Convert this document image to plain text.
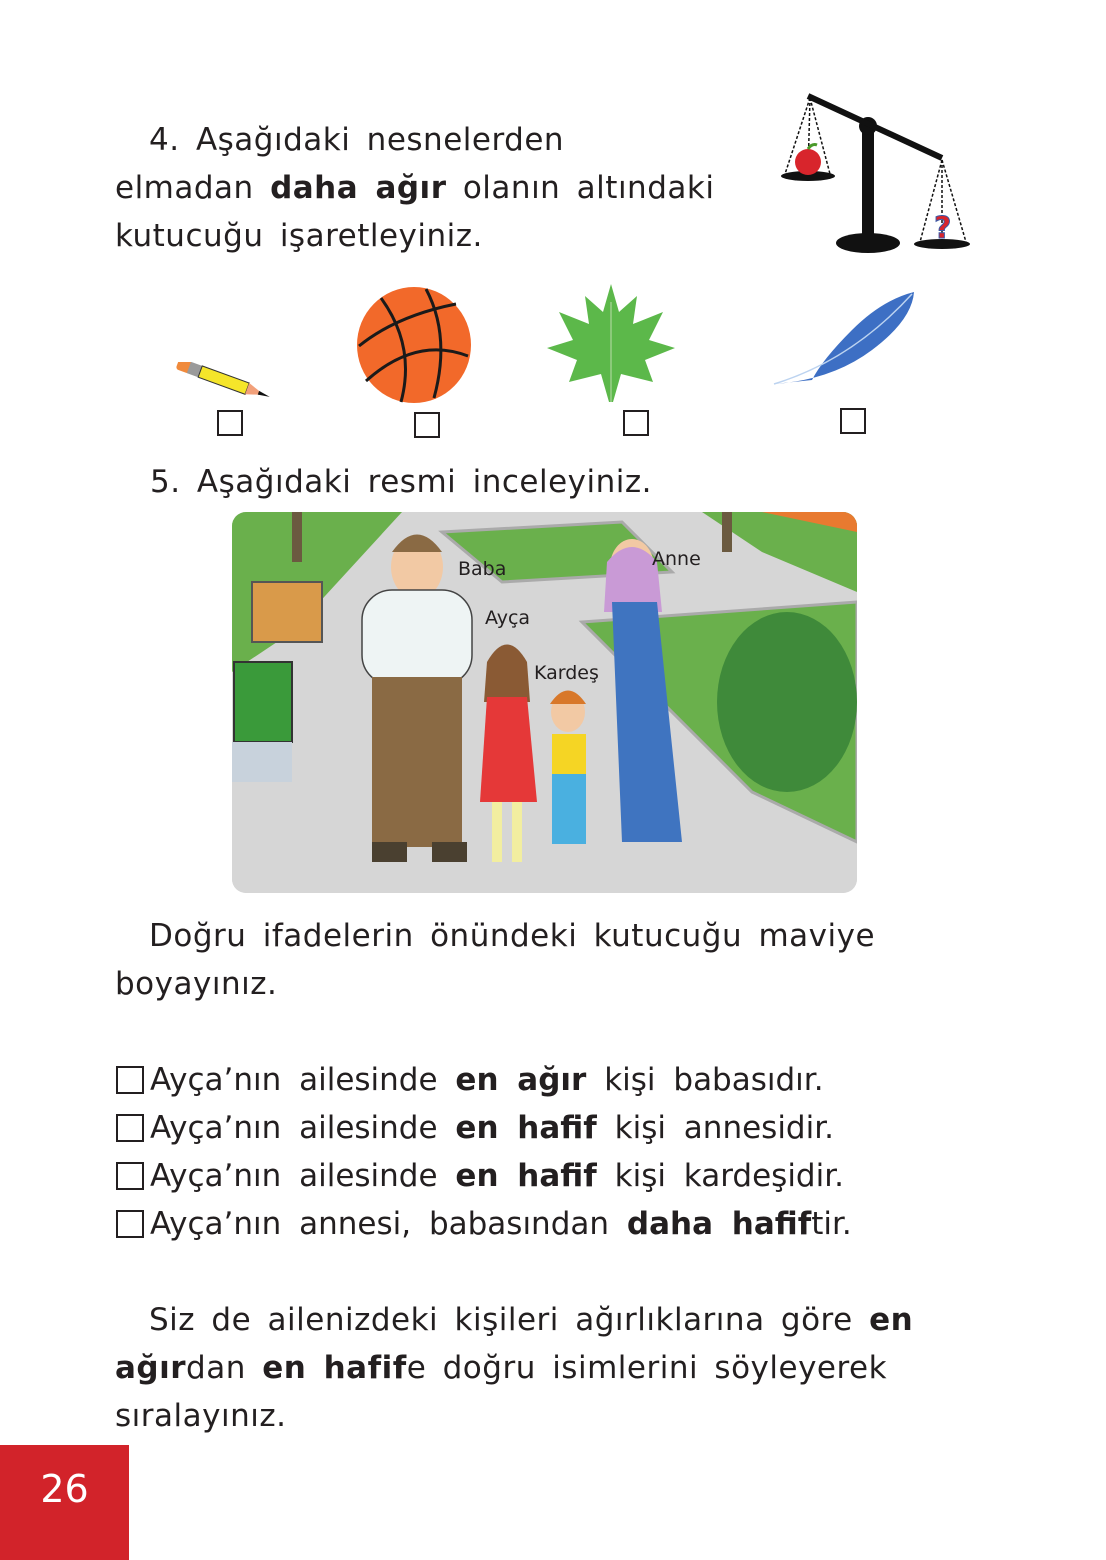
4. Aşağıdaki nesnelerden
elmadan daha ağır olanın altındaki
kutucuğu işaretleyiniz.	?
5. Aşağıdaki resmi inceleyiniz.
Baba	Anne
Ayça
Kardeş
Doğru ifadelerin önündeki kutucuğu maviye
boyayınız.
Ayça’nın ailesinde
en ağır
kişi babasıdır.
Ayça’nın ailesinde
en hafif
kişi annesidir.
Ayça’nın ailesinde
en hafif
kişi kardeşidir.
Ayça’nın annesi, babasından
daha hafif tir.
Siz de ailenizdeki kişileri ağırlıklarına göre en
ağırdan en hafife doğru isimlerini söyleyerek
sıralayınız.
26
